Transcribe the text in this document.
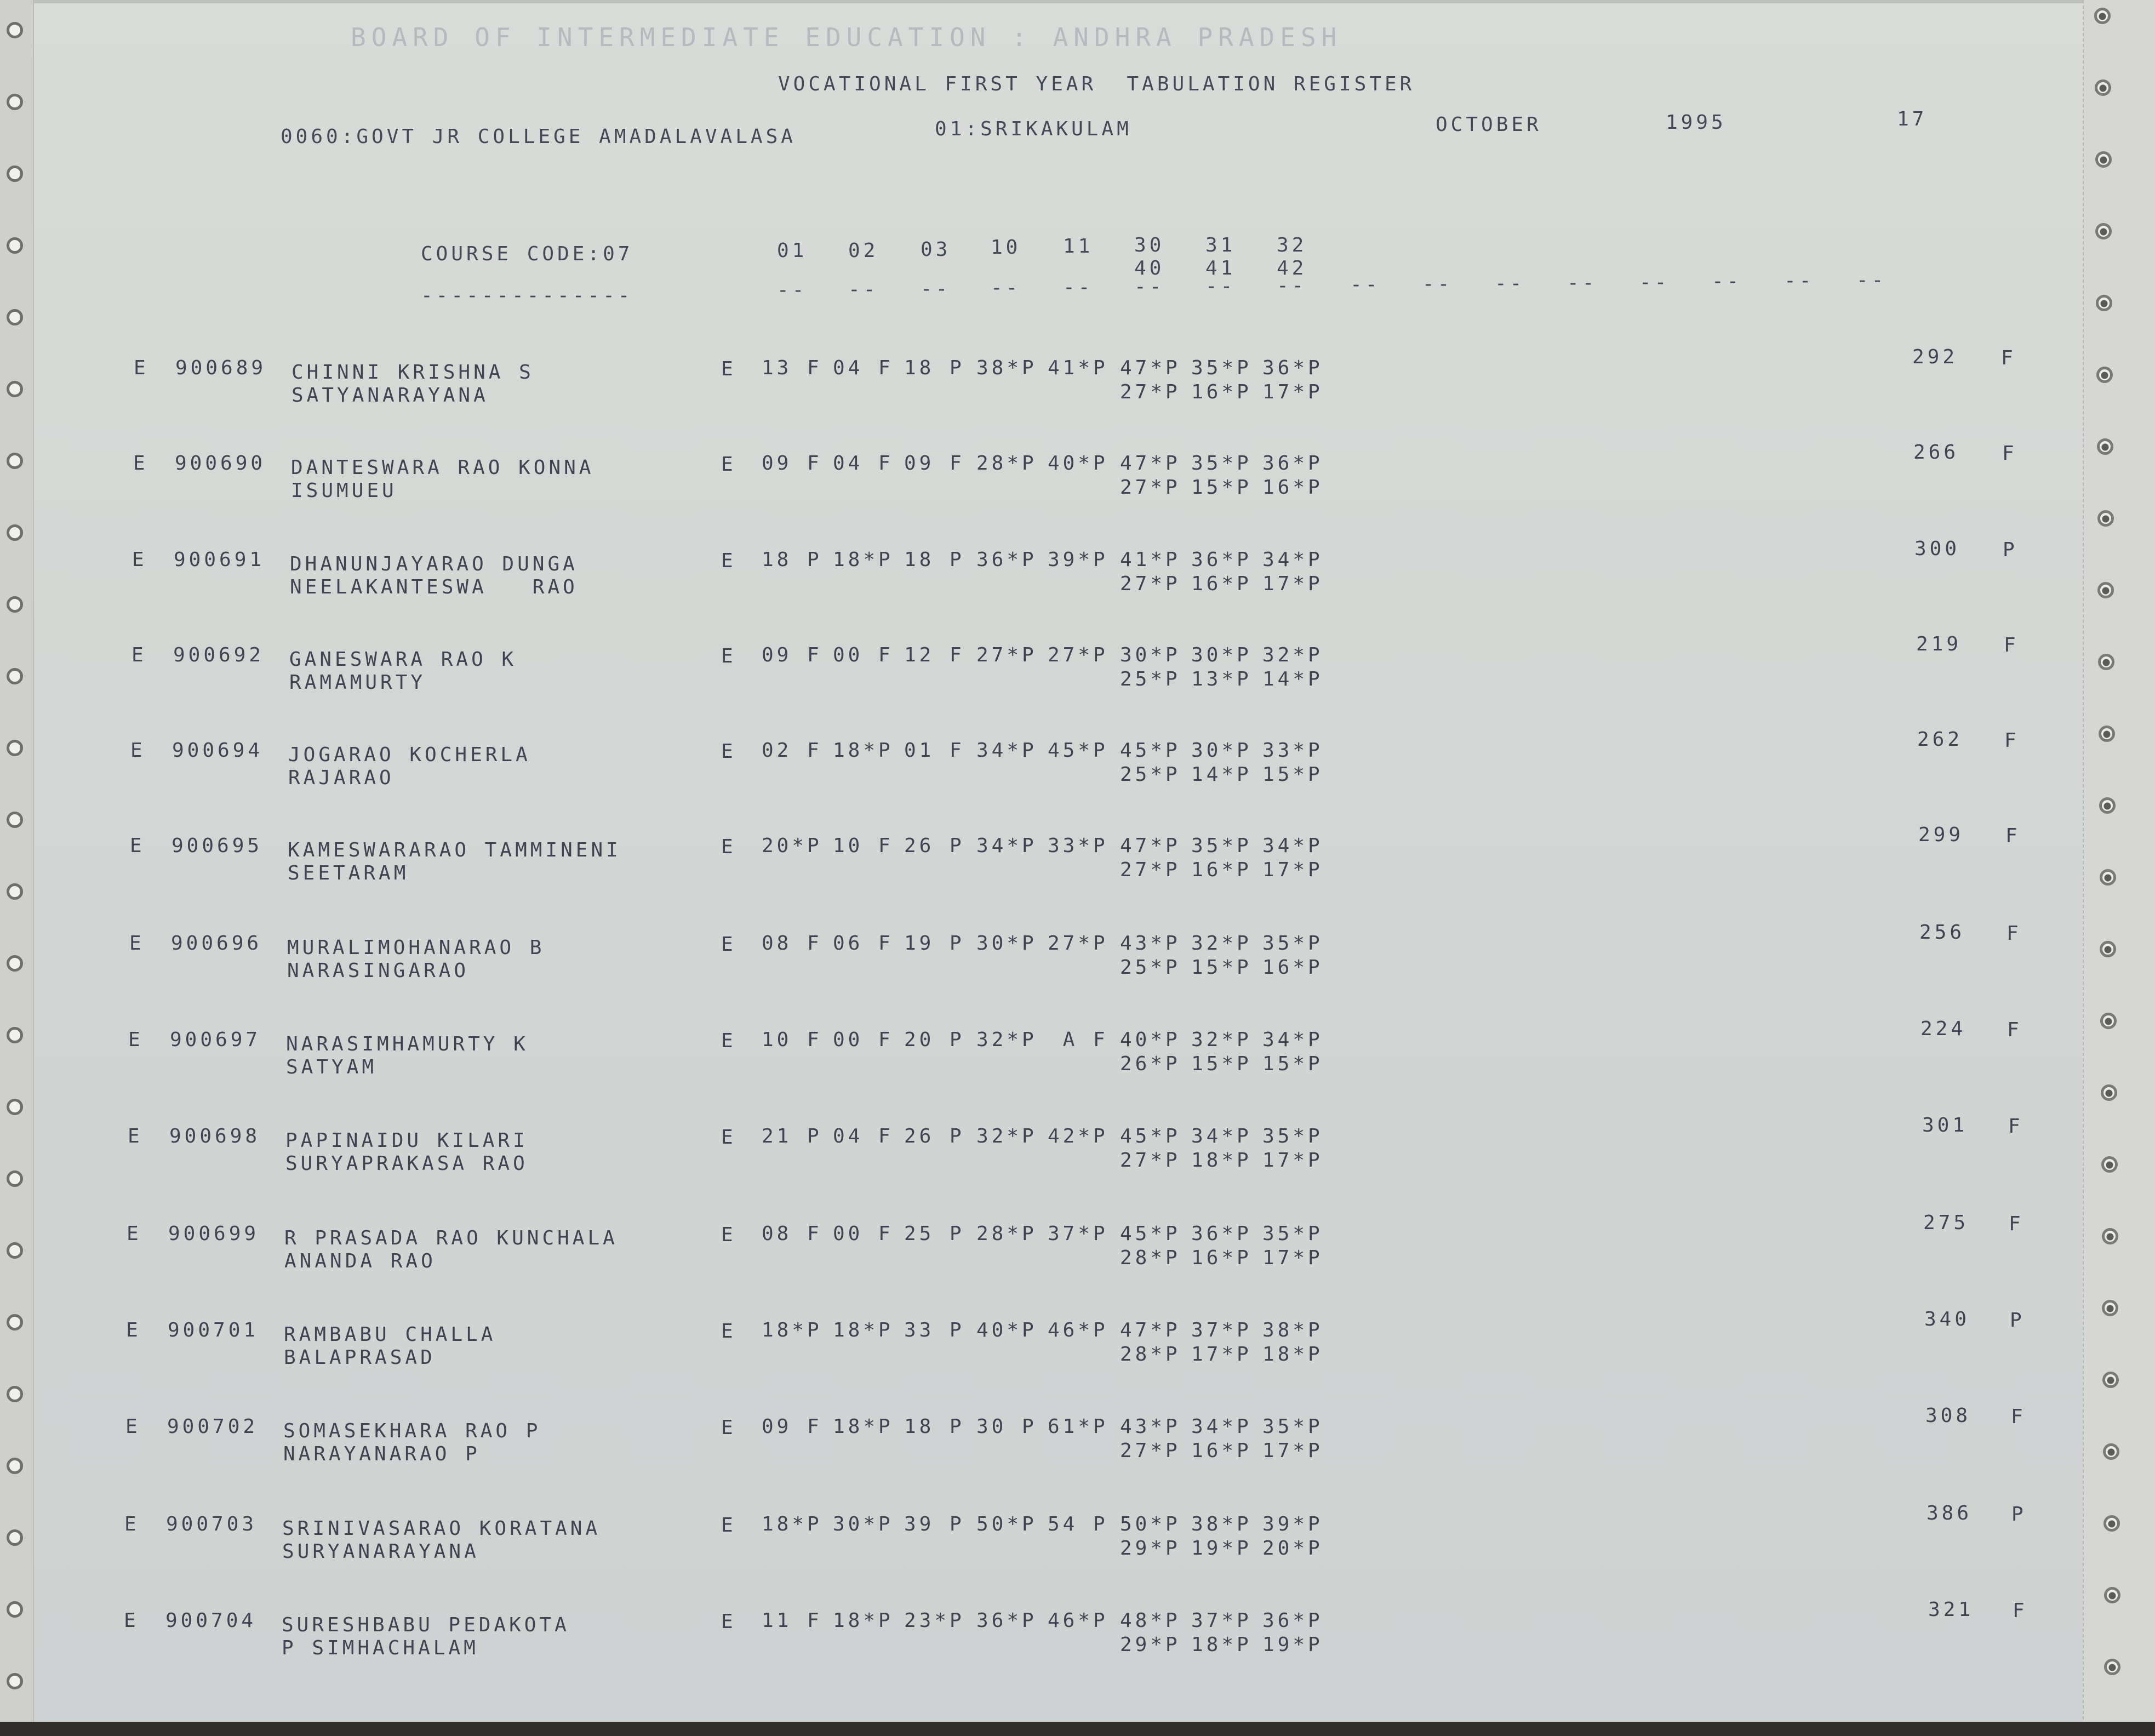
BOARD OF INTERMEDIATE EDUCATION : ANDHRA PRADESH
VOCATIONAL FIRST YEAR  TABULATION REGISTER
0060:GOVT JR COLLEGE AMADALAVALASA	01:SRIKAKULAM	OCTOBER	1995	17
COURSE CODE:07
--------------
01 02 03 10 11 30 31 32
40 41 42
-- -- -- -- -- -- -- -- -- -- -- -- -- -- -- --
E 900689 CHINNI KRISHNA S
SATYANARAYANA
E 13 F 04 F 18 P 38*P 41*P 47*P 35*P 36*P
27*P 16*P 17*P
292 F
E 900690 DANTESWARA RAO KONNA
ISUMUEU
E 09 F 04 F 09 F 28*P 40*P 47*P 35*P 36*P
27*P 15*P 16*P
266 F
E 900691 DHANUNJAYARAO DUNGA
NEELAKANTESWA   RAO
E 18 P 18*P 18 P 36*P 39*P 41*P 36*P 34*P
27*P 16*P 17*P
300 P
E 900692 GANESWARA RAO K
RAMAMURTY
E 09 F 00 F 12 F 27*P 27*P 30*P 30*P 32*P
25*P 13*P 14*P
219 F
E 900694 JOGARAO KOCHERLA
RAJARAO
E 02 F 18*P 01 F 34*P 45*P 45*P 30*P 33*P
25*P 14*P 15*P
262 F
E 900695 KAMESWARARAO TAMMINENI
SEETARAM
E 20*P 10 F 26 P 34*P 33*P 47*P 35*P 34*P
27*P 16*P 17*P
299 F
E 900696 MURALIMOHANARAO B
NARASINGARAO
E 08 F 06 F 19 P 30*P 27*P 43*P 32*P 35*P
25*P 15*P 16*P
256 F
E 900697 NARASIMHAMURTY K
SATYAM
E 10 F 00 F 20 P 32*P A F 40*P 32*P 34*P
26*P 15*P 15*P
224 F
E 900698 PAPINAIDU KILARI
SURYAPRAKASA RAO
E 21 P 04 F 26 P 32*P 42*P 45*P 34*P 35*P
27*P 18*P 17*P
301 F
E 900699 R PRASADA RAO KUNCHALA
ANANDA RAO
E 08 F 00 F 25 P 28*P 37*P 45*P 36*P 35*P
28*P 16*P 17*P
275 F
E 900701 RAMBABU CHALLA
BALAPRASAD
E 18*P 18*P 33 P 40*P 46*P 47*P 37*P 38*P
28*P 17*P 18*P
340 P
E 900702 SOMASEKHARA RAO P
NARAYANARAO P
E 09 F 18*P 18 P 30 P 61*P 43*P 34*P 35*P
27*P 16*P 17*P
308 F
E 900703 SRINIVASARAO KORATANA
SURYANARAYANA
E 18*P 30*P 39 P 50*P 54 P 50*P 38*P 39*P
29*P 19*P 20*P
386 P
E 900704 SURESHBABU PEDAKOTA
P SIMHACHALAM
E 11 F 18*P 23*P 36*P 46*P 48*P 37*P 36*P
29*P 18*P 19*P
321 F
